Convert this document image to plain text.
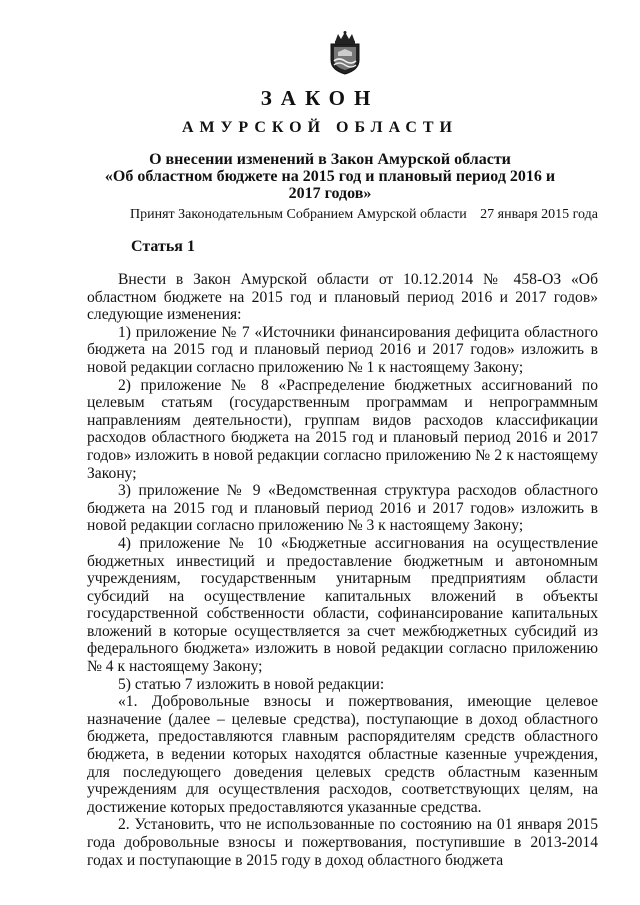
ЗАКОН
АМУРСКОЙ ОБЛАСТИ
О внесении изменений в Закон Амурской области
«Об областном бюджете на 2015 год и плановый период 2016 и 2017 годов»
Принят Законодательным Собранием Амурской области 27 января 2015 года
Статья 1

Внести в Закон Амурской области от 10.12.2014 № 458-ОЗ «Об областном бюджете на 2015 год и плановый период 2016 и 2017 годов» следующие изменения:

1) приложение № 7 «Источники финансирования дефицита областного бюджета на 2015 год и плановый период 2016 и 2017 годов» изложить в новой редакции согласно приложению № 1 к настоящему Закону;

2) приложение № 8 «Распределение бюджетных ассигнований по целевым статьям (государственным программам и непрограммным направлениям деятельности), группам видов расходов классификации расходов областного бюджета на 2015 год и плановый период 2016 и 2017 годов» изложить в новой редакции согласно приложению № 2 к настоящему Закону;

3) приложение № 9 «Ведомственная структура расходов областного бюджета на 2015 год и плановый период 2016 и 2017 годов» изложить в новой редакции согласно приложению № 3 к настоящему Закону;

4) приложение № 10 «Бюджетные ассигнования на осуществление бюджетных инвестиций и предоставление бюджетным и автономным учреждениям, государственным унитарным предприятиям области субсидий на осуществление капитальных вложений в объекты государственной собственности области, софинансирование капитальных вложений в которые осуществляется за счет межбюджетных субсидий из федерального бюджета» изложить в новой редакции согласно приложению № 4 к настоящему Закону;

5) статью 7 изложить в новой редакции:

«1. Добровольные взносы и пожертвования, имеющие целевое назначение (далее – целевые средства), поступающие в доход областного бюджета, предоставляются главным распорядителям средств областного бюджета, в ведении которых находятся областные казенные учреждения, для последующего доведения целевых средств областным казенным учреждениям для осуществления расходов, соответствующих целям, на достижение которых предоставляются указанные средства.

2. Установить, что не использованные по состоянию на 01 января 2015 года добровольные взносы и пожертвования, поступившие в 2013-2014 годах и поступающие в 2015 году в доход областного бюджета
